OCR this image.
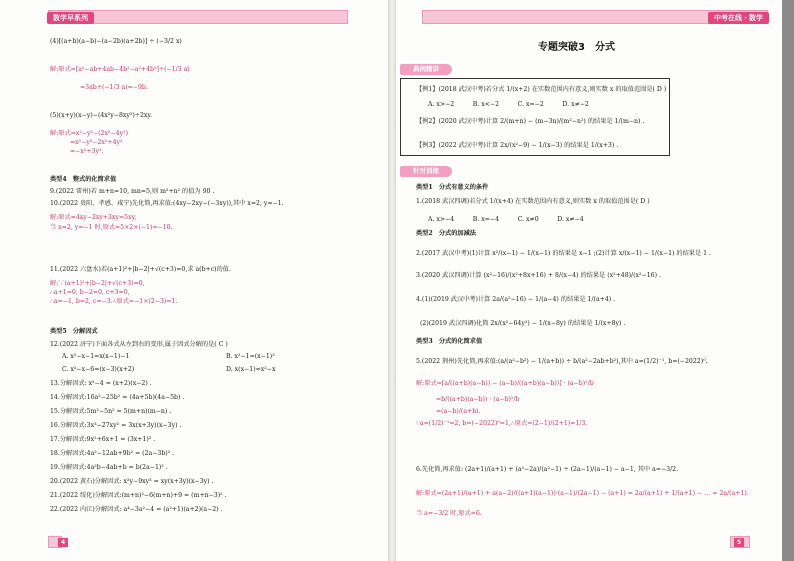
数学早系列
(4)[(a+b)(a−b)−(a−2b)(a+2b)] ÷ (−3/2 x)
解:原式=[a²−ab+4ab−4b²−a²+4b²]÷(−1/3 a)
=3ab÷(−1/3 a)=−9b.
(5)(x+y)(x−y)−(4x²y−8xy²)÷2xy.
解:原式=x²−y²−(2x²−4y²)
=x²−y²−2x²+4y²
=−x²+3y².
类型4　整式的化简求值
9.(2022 雷州)若 m+n=10, mn=5,则 m²+n² 的值为 90 .
10.(2022 贵阳、孝感、咸宁)先化简,再求值:(4xy−2xy−(−3xy)),其中 x=2, y=−1.
解:原式=4xy−2xy+3xy=5xy,
当 x=2, y=−1 时,原式=5×2×(−1)=−10.
11.(2022 六盘水)若(a+1)²+|b−2|+√(c+3)=0,求 a(b+c)的值.
解:∵(a+1)²+|b−2|+√(c+3)=0,
∴a+1=0, b−2=0, c+3=0,
∴a=−1, b=2, c=−3.∴原式=−1×(2−3)=1.
类型5　分解因式
12.(2022 济宁)下面各式从左到右的变形,属于因式分解的是( C )
A. x²−x−1=x(x−1)−1	B. x²−1=(x−1)²
C. x²−x−6=(x−3)(x+2)	D. x(x−1)=x²−x
13.分解因式: x²−4 = (x+2)(x−2) .
14.分解因式:16a²−25b² = (4a+5b)(4a−5b) .
15.分解因式:5m²−5n² = 5(m+n)(m−n) .
16.分解因式:3x³−27xy² = 3x(x+3y)(x−3y) .
17.分解因式:9x²+6x+1 = (3x+1)² .
18.分解因式:4a²−12ab+9b² = (2a−3b)² .
19.分解因式:4a²b−4ab+b = b(2a−1)² .
20.(2022 黄石)分解因式: x²y−9xy³ = xy(x+3y)(x−3y) .
21.(2022 绥化)分解因式:(m+n)²−6(m+n)+9 = (m+n−3)² .
22.(2022 内江)分解因式: a⁴−3a²−4 = (a²+1)(a+2)(a−2) .
4
中考在线・数学
专题突破3　分式
典例精讲
针对训练
【例1】(2018 武汉中考)若分式 1/(x+2) 在实数范围内有意义,则实数 x 的取值范围是( D )
A. x>−2　　　B. x<−2　　　C. x=−2　　　D. x≠−2
【例2】(2020 武汉中考)计算 2/(m+n) − (m−3n)/(m²−n²) 的结果是 1/(m−n) .
【例3】(2022 武汉中考)计算 2x/(x²−9) − 1/(x−3) 的结果是 1/(x+3) .
类型1　分式有意义的条件
1.(2018 武汉四调)若分式 1/(x+4) 在实数范围内有意义,则实数 x 的取值范围是( D )
A. x>−4　　　B. x=−4　　　C. x≠0　　　D. x≠−4
类型2　分式的加减法
2.(2017 武汉中考)(1)计算 x²/(x−1) − 1/(x−1) 的结果是 x−1 ;(2)计算 x/(x−1) − 1/(x−1) 的结果是 1 .
3.(2020 武汉四调)计算 (x²−16)/(x²+8x+16) + 8/(x−4) 的结果是 (x²+48)/(x²−16) .
4.(1)(2019 武汉中考)计算 2a/(a²−16) − 1/(a−4) 的结果是 1/(a+4) .
(2)(2019 武汉四调)化简 2x/(x²−64y²) − 1/(x−8y) 的结果是 1/(x+8y) .
类型3　分式的化简求值
5.(2022 荆州)先化简,再求值:(a/(a²−b²) − 1/(a+b)) ÷ b/(a²−2ab+b²),其中 a=(1/2)⁻¹, b=(−2022)⁰.
解:原式=[a/((a+b)(a−b)) − (a−b)/((a+b)(a−b))] · (a−b)²/b
=b/((a+b)(a−b)) · (a−b)²/b
=(a−b)/(a+b).
∵a=(1/2)⁻¹=2, b=(−2022)⁰=1,∴原式=(2−1)/(2+1)=1/3.
6.先化简,再求值: (2a+1)/(a+1) + (a²−2a)/(a²−1) ÷ (2a−1)/(a−1) − a−1, 其中 a=−3/2.
解:原式=(2a+1)/(a+1) + a(a−2)/((a+1)(a−1))·(a−1)/(2a−1) − (a+1) = 2a/(a+1) + 1/(a+1) − … = 2a/(a+1).
当 a=−3/2 时,原式=6.
5
